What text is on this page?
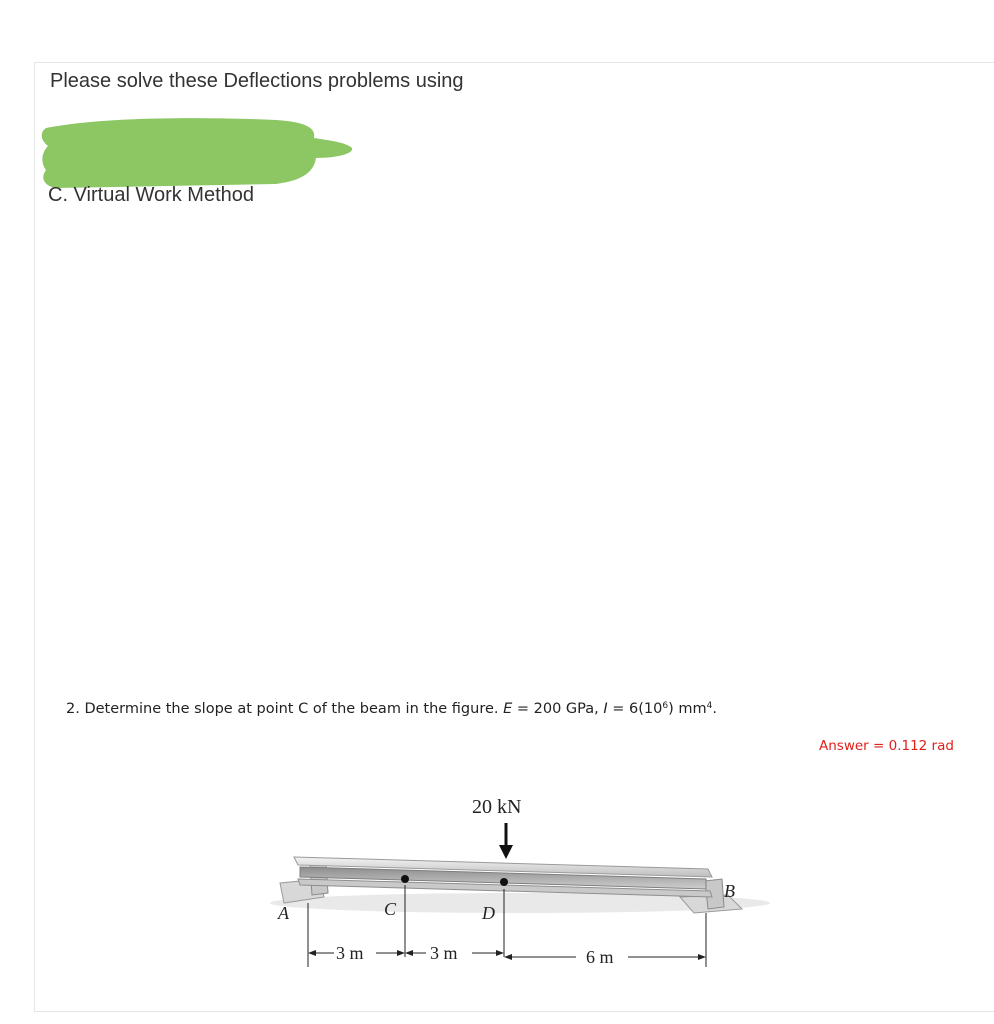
Please solve these Deflections problems using
C. Virtual Work Method
2. Determine the slope at point C of the beam in the figure. E = 200 GPa, $I = 6(10^6)$ $mm^4$.
Answer = 0.112 rad
20 kN
A
B
C	D
3 m	3 m	6 m
